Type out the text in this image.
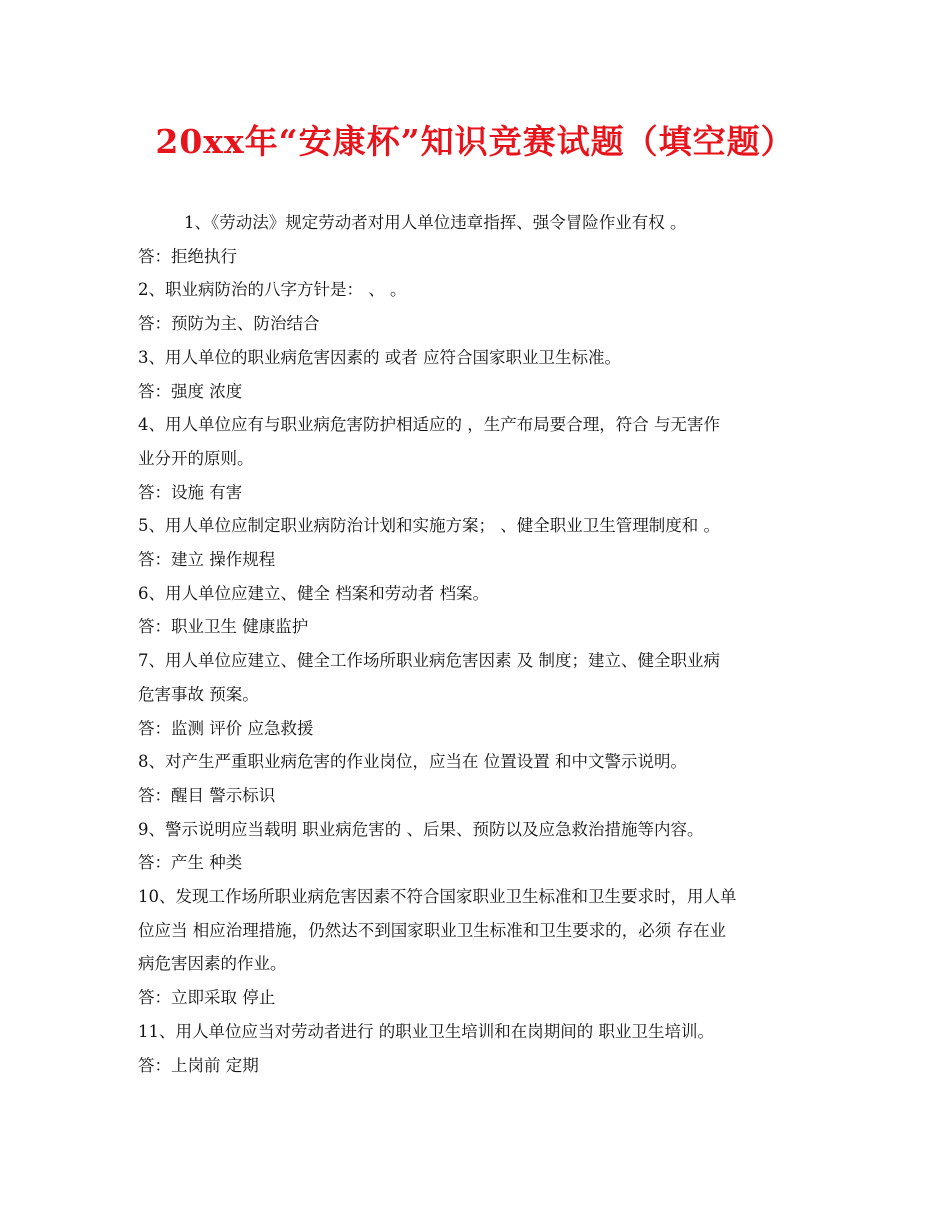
20xx年“安康杯”知识竞赛试题（填空题）

1、《劳动法》规定劳动者对用人单位违章指挥、强令冒险作业有权 。

答：拒绝执行

2、职业病防治的八字方针是： 、 。

答：预防为主、防治结合

3、用人单位的职业病危害因素的 或者 应符合国家职业卫生标准。

答：强度 浓度

4、用人单位应有与职业病危害防护相适应的 ，生产布局要合理，符合 与无害作

业分开的原则。

答：设施 有害

5、用人单位应制定职业病防治计划和实施方案； 、健全职业卫生管理制度和 。

答：建立 操作规程

6、用人单位应建立、健全 档案和劳动者 档案。

答：职业卫生 健康监护

7、用人单位应建立、健全工作场所职业病危害因素 及 制度；建立、健全职业病

危害事故 预案。

答：监测 评价 应急救援

8、对产生严重职业病危害的作业岗位，应当在 位置设置 和中文警示说明。

答：醒目 警示标识

9、警示说明应当载明 职业病危害的 、后果、预防以及应急救治措施等内容。

答：产生 种类

10、发现工作场所职业病危害因素不符合国家职业卫生标准和卫生要求时，用人单

位应当 相应治理措施，仍然达不到国家职业卫生标准和卫生要求的，必须 存在业

病危害因素的作业。

答：立即采取 停止

11、用人单位应当对劳动者进行 的职业卫生培训和在岗期间的 职业卫生培训。

答：上岗前 定期
